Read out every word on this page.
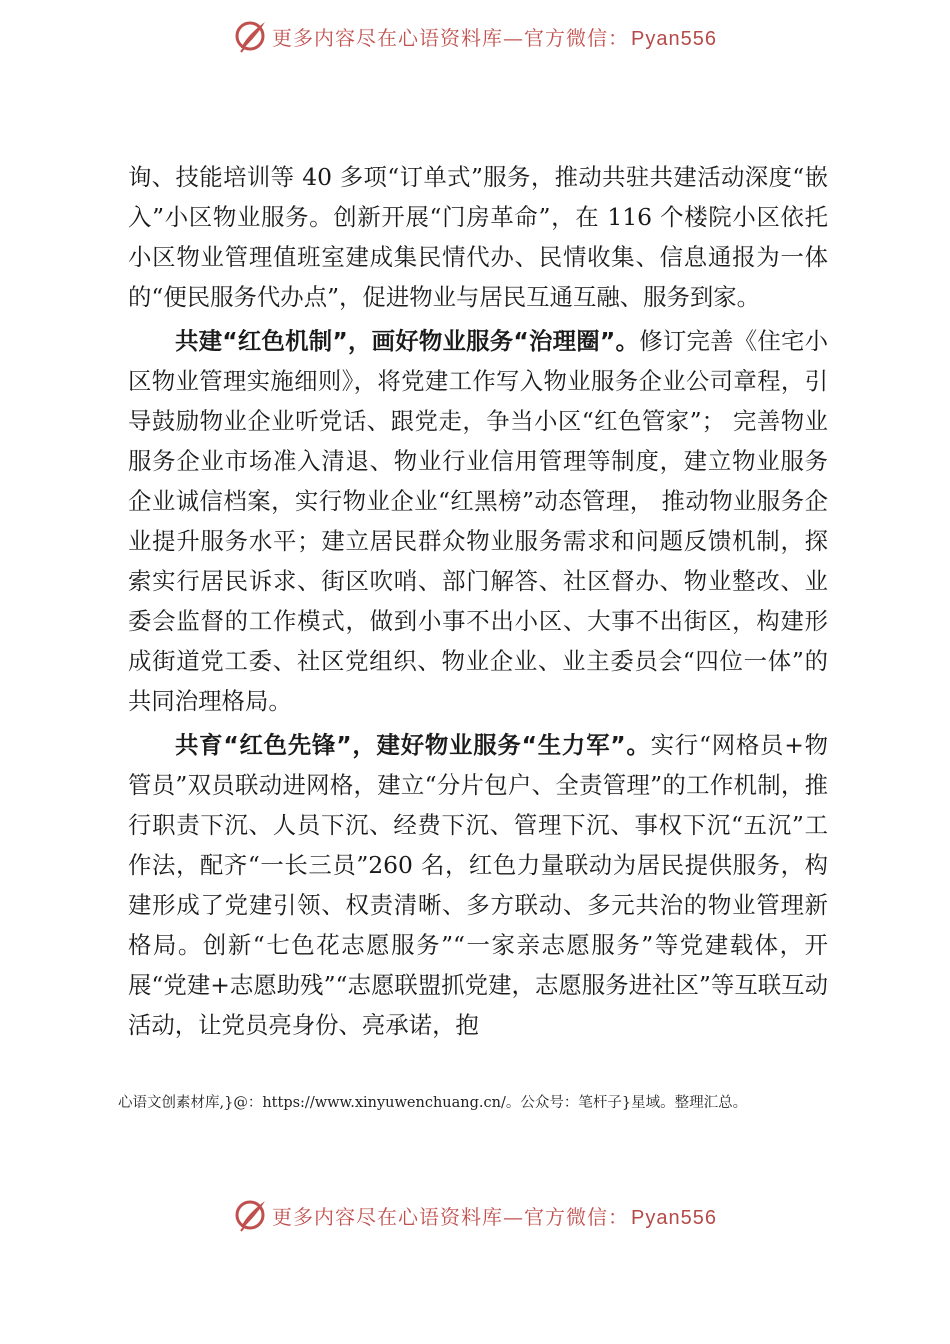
更多内容尽在心语资料库—官方微信： Pyan556

询、技能培训等 40 多项“订单式”服务，推动共驻共建活动深度“嵌入”小区物业服务。创新开展“门房革命”，在 116 个楼院小区依托小区物业管理值班室建成集民情代办、民情收集、信息通报为一体的“便民服务代办点”，促进物业与居民互通互融、服务到家。

共建“红色机制”，画好物业服务“治理圈”。修订完善《住宅小区物业管理实施细则》，将党建工作写入物业服务企业公司章程，引导鼓励物业企业听党话、跟党走，争当小区“红色管家”； 完善物业服务企业市场准入清退、物业行业信用管理等制度，建立物业服务企业诚信档案，实行物业企业“红黑榜”动态管理， 推动物业服务企业提升服务水平；建立居民群众物业服务需求和问题反馈机制，探索实行居民诉求、街区吹哨、部门解答、社区督办、物业整改、业委会监督的工作模式，做到小事不出小区、大事不出街区，构建形成街道党工委、社区党组织、物业企业、业主委员会“四位一体”的共同治理格局。

共育“红色先锋”，建好物业服务“生力军”。实行“网格员+物管员”双员联动进网格，建立“分片包户、全责管理”的工作机制，推行职责下沉、人员下沉、经费下沉、管理下沉、事权下沉“五沉”工作法，配齐“一长三员”260 名，红色力量联动为居民提供服务，构建形成了党建引领、权责清晰、多方联动、多元共治的物业管理新格局。创新“七色花志愿服务”“一家亲志愿服务”等党建载体，开展“党建+志愿助残”“志愿联盟抓党建，志愿服务进社区”等互联互动活动，让党员亮身份、亮承诺，抱

心语文创素材库,}@：https://www.xinyuwenchuang.cn/。公众号：笔杆子}星域。整理汇总。
更多内容尽在心语资料库—官方微信： Pyan556
